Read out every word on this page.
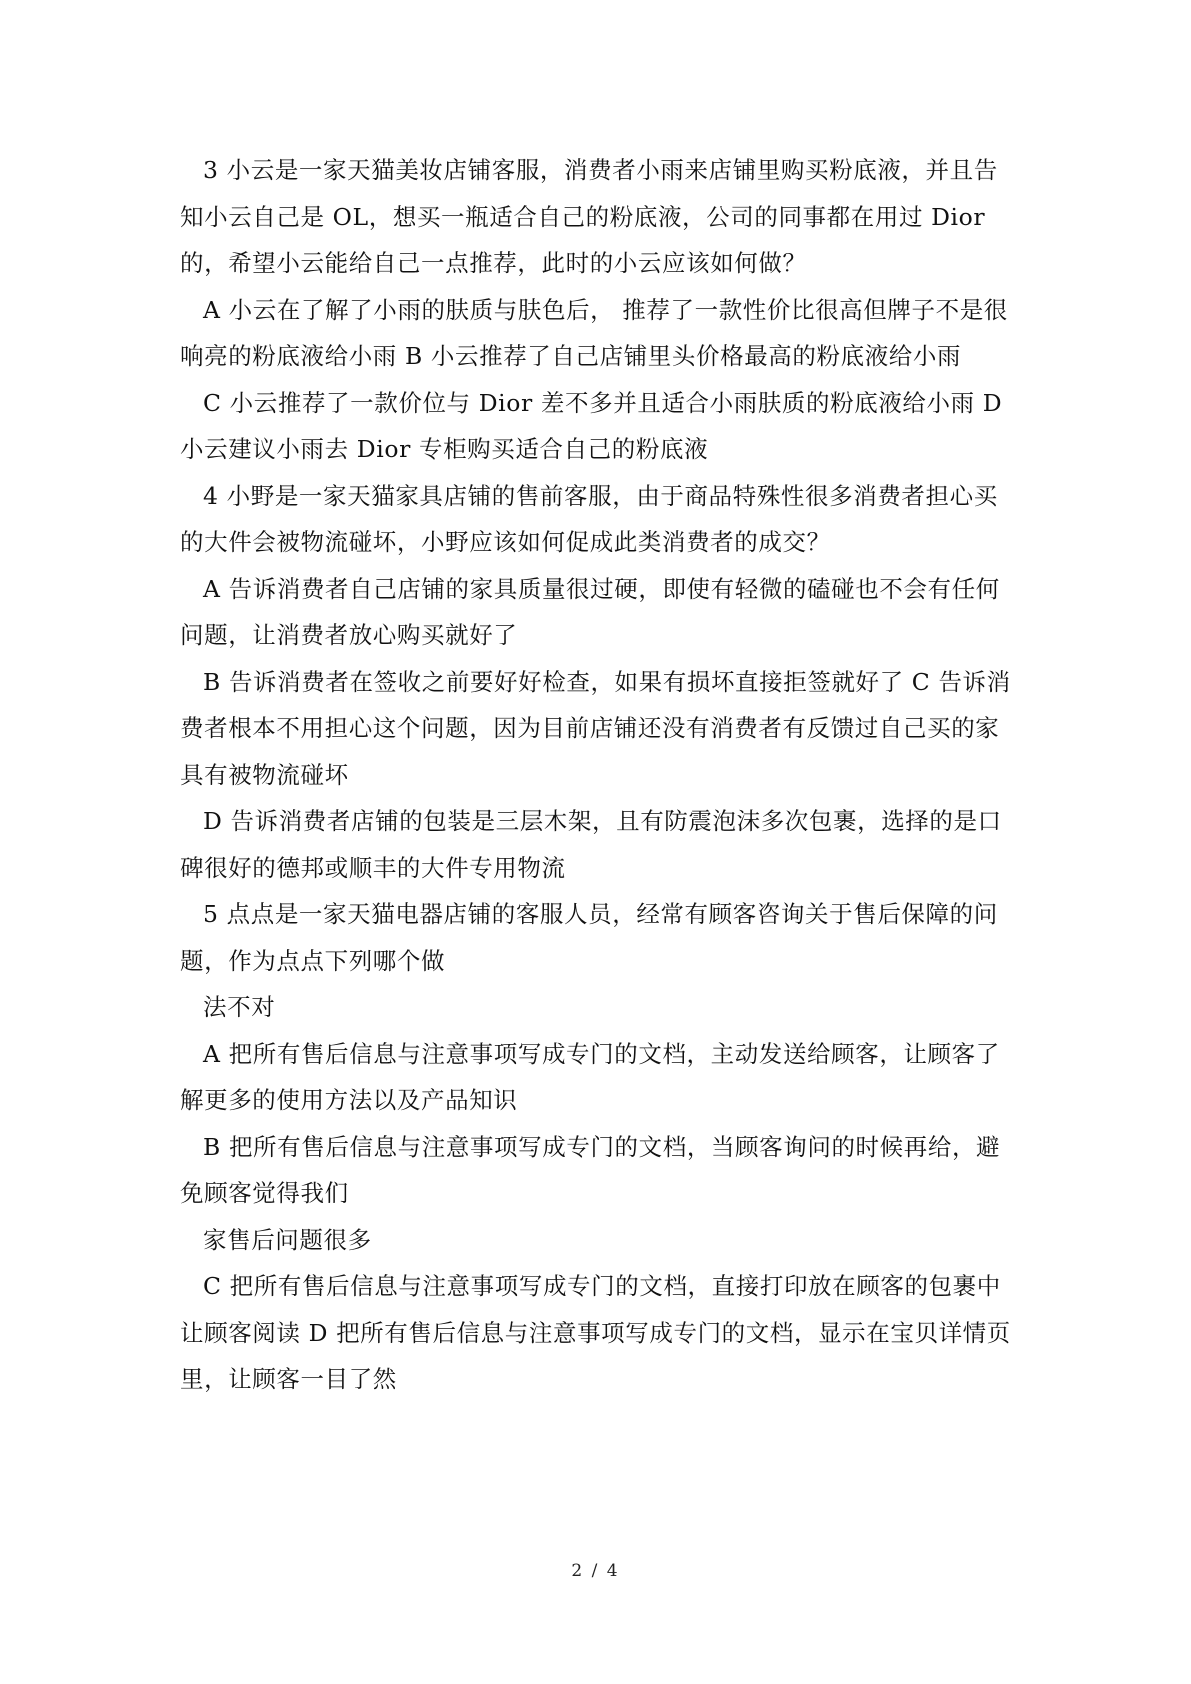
3 小云是一家天猫美妆店铺客服，消费者小雨来店铺里购买粉底液，并且告知小云自己是 OL，想买一瓶适合自己的粉底液，公司的同事都在用过 Dior 的，希望小云能给自己一点推荐，此时的小云应该如何做？

A 小云在了解了小雨的肤质与肤色后， 推荐了一款性价比很高但牌子不是很响亮的粉底液给小雨 B 小云推荐了自己店铺里头价格最高的粉底液给小雨

C 小云推荐了一款价位与 Dior 差不多并且适合小雨肤质的粉底液给小雨 D 小云建议小雨去 Dior 专柜购买适合自己的粉底液

4 小野是一家天猫家具店铺的售前客服，由于商品特殊性很多消费者担心买的大件会被物流碰坏，小野应该如何促成此类消费者的成交？

A 告诉消费者自己店铺的家具质量很过硬，即使有轻微的磕碰也不会有任何问题，让消费者放心购买就好了

B 告诉消费者在签收之前要好好检查，如果有损坏直接拒签就好了 C 告诉消费者根本不用担心这个问题，因为目前店铺还没有消费者有反馈过自己买的家具有被物流碰坏

D 告诉消费者店铺的包装是三层木架，且有防震泡沫多次包裹，选择的是口碑很好的德邦或顺丰的大件专用物流

5 点点是一家天猫电器店铺的客服人员，经常有顾客咨询关于售后保障的问题，作为点点下列哪个做

法不对

A 把所有售后信息与注意事项写成专门的文档，主动发送给顾客，让顾客了解更多的使用方法以及产品知识

B 把所有售后信息与注意事项写成专门的文档，当顾客询问的时候再给，避免顾客觉得我们

家售后问题很多

C 把所有售后信息与注意事项写成专门的文档，直接打印放在顾客的包裹中让顾客阅读 D 把所有售后信息与注意事项写成专门的文档，显示在宝贝详情页里，让顾客一目了然

2 / 4
